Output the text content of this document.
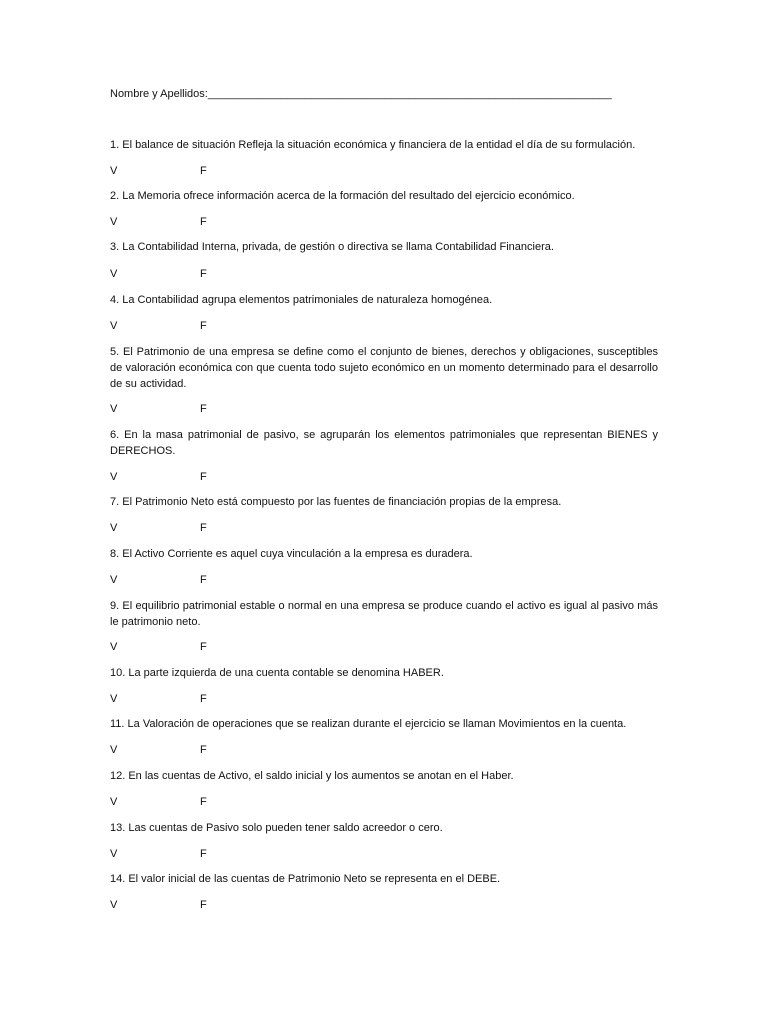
Nombre y Apellidos:__________________________________________________________________
1. El balance de situación Refleja la situación económica y financiera de la entidad el día de su formulación.
V	F
2. La Memoria ofrece información acerca de la formación del resultado del ejercicio económico.
V	F
3. La Contabilidad Interna, privada, de gestión o directiva se llama Contabilidad Financiera.
V	F
4. La Contabilidad agrupa elementos patrimoniales de naturaleza homogénea.
V	F
5. El Patrimonio de una empresa se define como el conjunto de bienes, derechos y obligaciones, susceptibles de valoración económica con que cuenta todo sujeto económico en un momento determinado para el desarrollo de su actividad.
V	F
6. En la masa patrimonial de pasivo, se agruparán los elementos patrimoniales que representan BIENES y DERECHOS.
V	F
7. El Patrimonio Neto está compuesto por las fuentes de financiación propias de la empresa.
V	F
8. El Activo Corriente es aquel cuya vinculación a la empresa es duradera.
V	F
9. El equilibrio patrimonial estable o normal en una empresa se produce cuando el activo es igual al pasivo más le patrimonio neto.
V	F
10. La parte izquierda de una cuenta contable se denomina HABER.
V	F
11. La Valoración de operaciones que se realizan durante el ejercicio se llaman Movimientos en la cuenta.
V	F
12. En las cuentas de Activo, el saldo inicial y los aumentos se anotan en el Haber.
V	F
13. Las cuentas de Pasivo solo pueden tener saldo acreedor o cero.
V	F
14. El valor inicial de las cuentas de Patrimonio Neto se representa en el DEBE.
V	F
